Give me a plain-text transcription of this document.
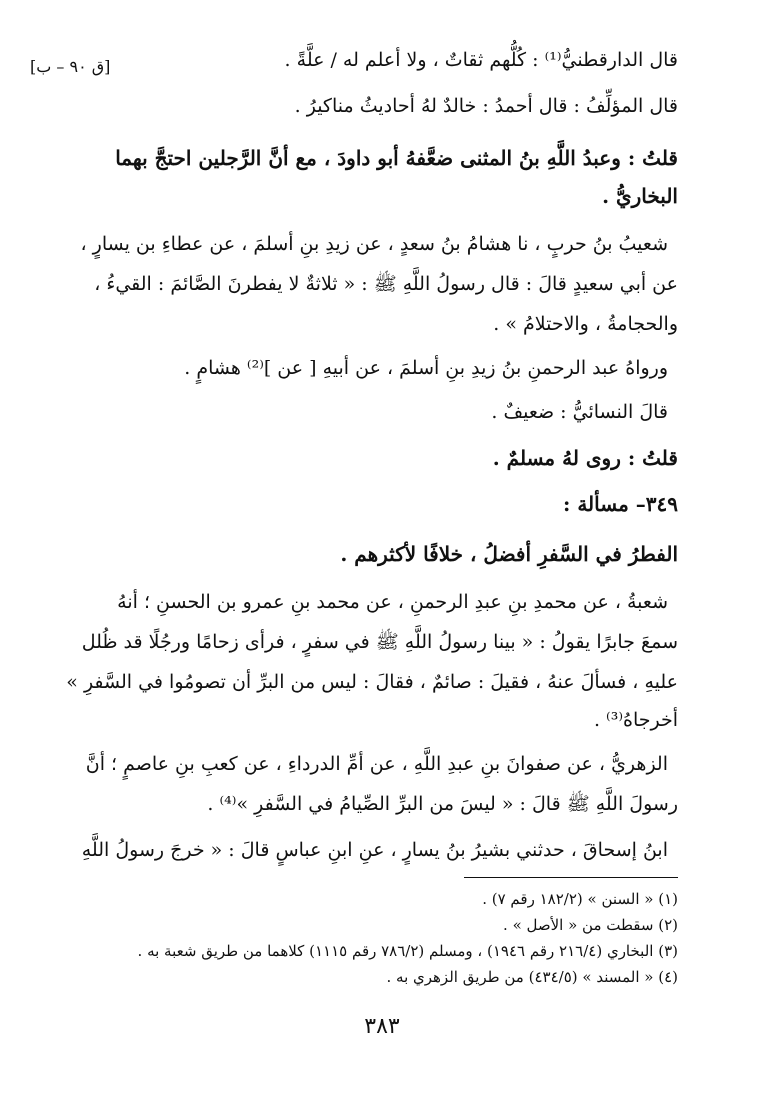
[ق ٩٠ – ب]	قال الدارقطنيُّ⁽¹⁾ : كُلُّهم ثقاتٌ ، ولا أعلم له / علَّةً .
قال المؤلِّفُ : قال أحمدُ : خالدٌ لهُ أحاديثُ مناكيرُ .
قلتُ : وعبدُ اللَّهِ بنُ المثنى ضعَّفهُ أبو داودَ ، مع أنَّ الرَّجلين احتجَّ بهما
البخاريُّ .
شعيبُ بنُ حربٍ ، نا هشامُ بنُ سعدٍ ، عن زيدِ بنِ أسلمَ ، عن عطاءِ بن يسارٍ ،
عن أبي سعيدٍ قالَ : قال رسولُ اللَّهِ ﷺ : « ثلاثةٌ لا يفطرنَ الصَّائمَ : القيءُ ،
والحجامةُ ، والاحتلامُ » .
ورواهُ عبد الرحمنِ بنُ زيدِ بنِ أسلمَ ، عن أبيهِ [ عن ]⁽²⁾ هشامٍ .
قالَ النسائيُّ : ضعيفٌ .
قلتُ : روى لهُ مسلمٌ .
٣٤٩– مسألة :
الفطرُ في السَّفرِ أفضلُ ، خلافًا لأكثرهم .
شعبةُ ، عن محمدِ بنِ عبدِ الرحمنِ ، عن محمد بنِ عمرو بن الحسنِ ؛ أنهُ
سمعَ جابرًا يقولُ : « بينا رسولُ اللَّهِ ﷺ في سفرٍ ، فرأى زحامًا ورجُلًا قد ظُلل
عليهِ ، فسألَ عنهُ ، فقيلَ : صائمٌ ، فقالَ : ليس من البرِّ أن تصومُوا في السَّفرِ »
أخرجاهُ⁽³⁾ .
الزهريُّ ، عن صفوانَ بنِ عبدِ اللَّهِ ، عن أمِّ الدرداءِ ، عن كعبِ بنِ عاصمٍ ؛ أنَّ
رسولَ اللَّهِ ﷺ قالَ : « ليسَ من البرِّ الصِّيامُ في السَّفرِ »⁽⁴⁾ .
ابنُ إسحاقَ ، حدثني بشيرُ بنُ يسارٍ ، عنِ ابنِ عباسٍ قالَ : « خرجَ رسولُ اللَّهِ
(١) « السنن » (١٨٢/٢ رقم ٧) .
(٢) سقطت من « الأصل » .
(٣) البخاري (٢١٦/٤ رقم ١٩٤٦) ، ومسلم (٧٨٦/٢ رقم ١١١٥) كلاهما من طريق شعبة به .
(٤) « المسند » (٤٣٤/٥) من طريق الزهري به .
٣٨٣
